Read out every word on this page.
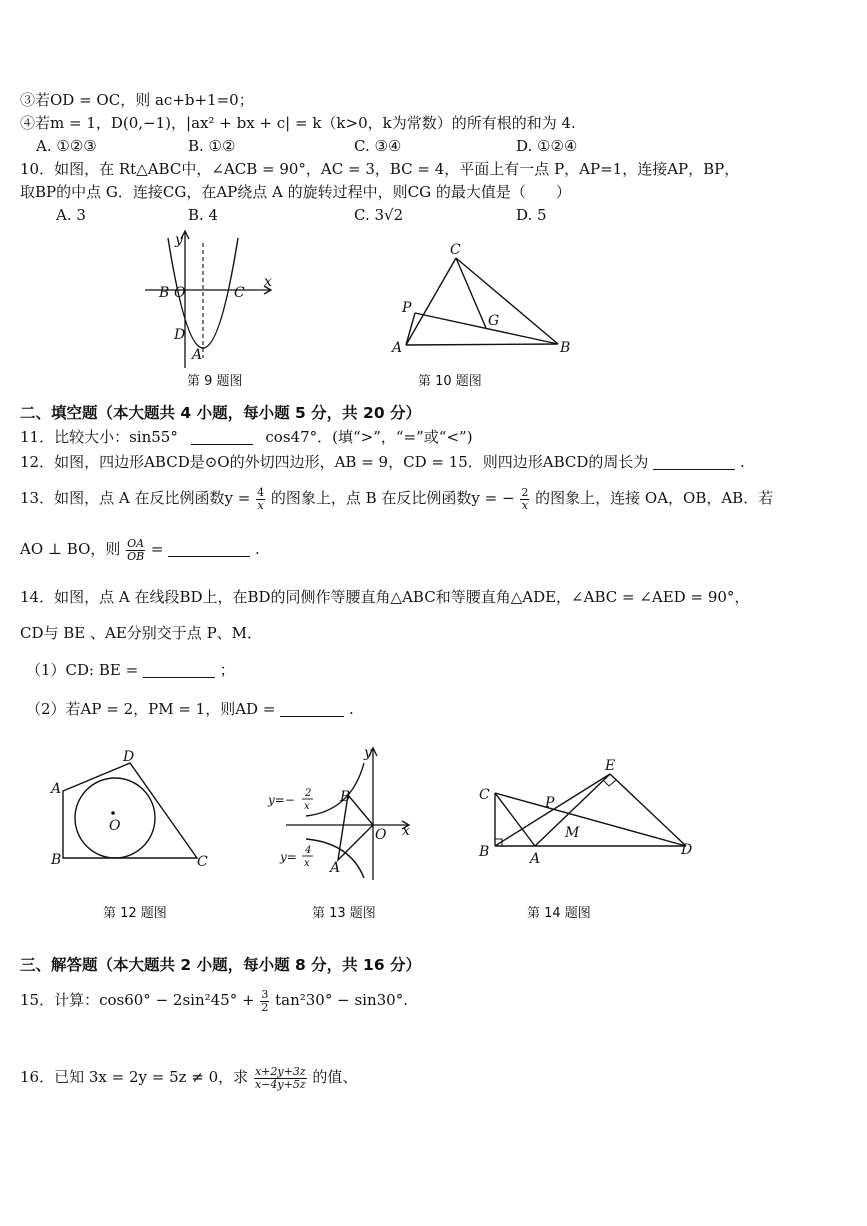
③若OD = OC，则 ac+b+1=0；
④若m = 1，D(0,−1)，|ax² + bx + c| = k（k>0，k为常数）的所有根的和为 4.
A. ①②③	B. ①②	C. ③④	D. ①②④
10．如图，在 Rt△ABC中，∠ACB = 90°，AC = 3，BC = 4，平面上有一点 P，AP=1，连接AP，BP，
取BP的中点 G．连接CG，在AP绕点 A 的旋转过程中，则CG 的最大值是（　　）
A. 3	B. 4	C. 3√2	D. 5
y
x
B O	C
D
A
第 9 题图
C
P
G
A	B
第 10 题图
二、填空题（本大题共 4 小题，每小题 5 分，共 20 分）
11．比较大小：sin55°	cos47°．(填“>”，“=”或“<”)
12．如图，四边形ABCD是⊙O的外切四边形，AB = 9，CD = 15．则四边形ABCD的周长为	.
13．如图，点 A 在反比例函数$y = \frac{4}{x}$ 的图象上，点 B 在反比例函数y = − $\frac{2}{x}$ 的图象上，连接 OA，OB，AB．若
AO ⊥ BO，则 $\frac{OA}{OB}$ =	.
14．如图，点 A 在线段BD上，在BD的同侧作等腰直角△ABC和等腰直角△ADE，∠ABC = ∠AED = 90°，
CD与 BE 、AE分别交于点 P、M．
（1）CD: BE =	；
（2）若AP = 2，PM = 1，则AD =	.
A
D
O
B	C
第 12 题图
y=− 2
x
y= 4
x
y
x
B
O
A
第 13 题图
E
C	P
M
B	A
D
第 14 题图
三、解答题（本大题共 2 小题，每小题 8 分，共 16 分）
15．计算：$\cos 60^\circ - 2\sin^245^\circ + \frac{3}{2} \tan^230^\circ - \sin 30^\circ$.
16．已知 3x = 2y = 5z ≠ 0，求 $\frac{x+2y+3z}{x-4y+5z}$ 的值、
